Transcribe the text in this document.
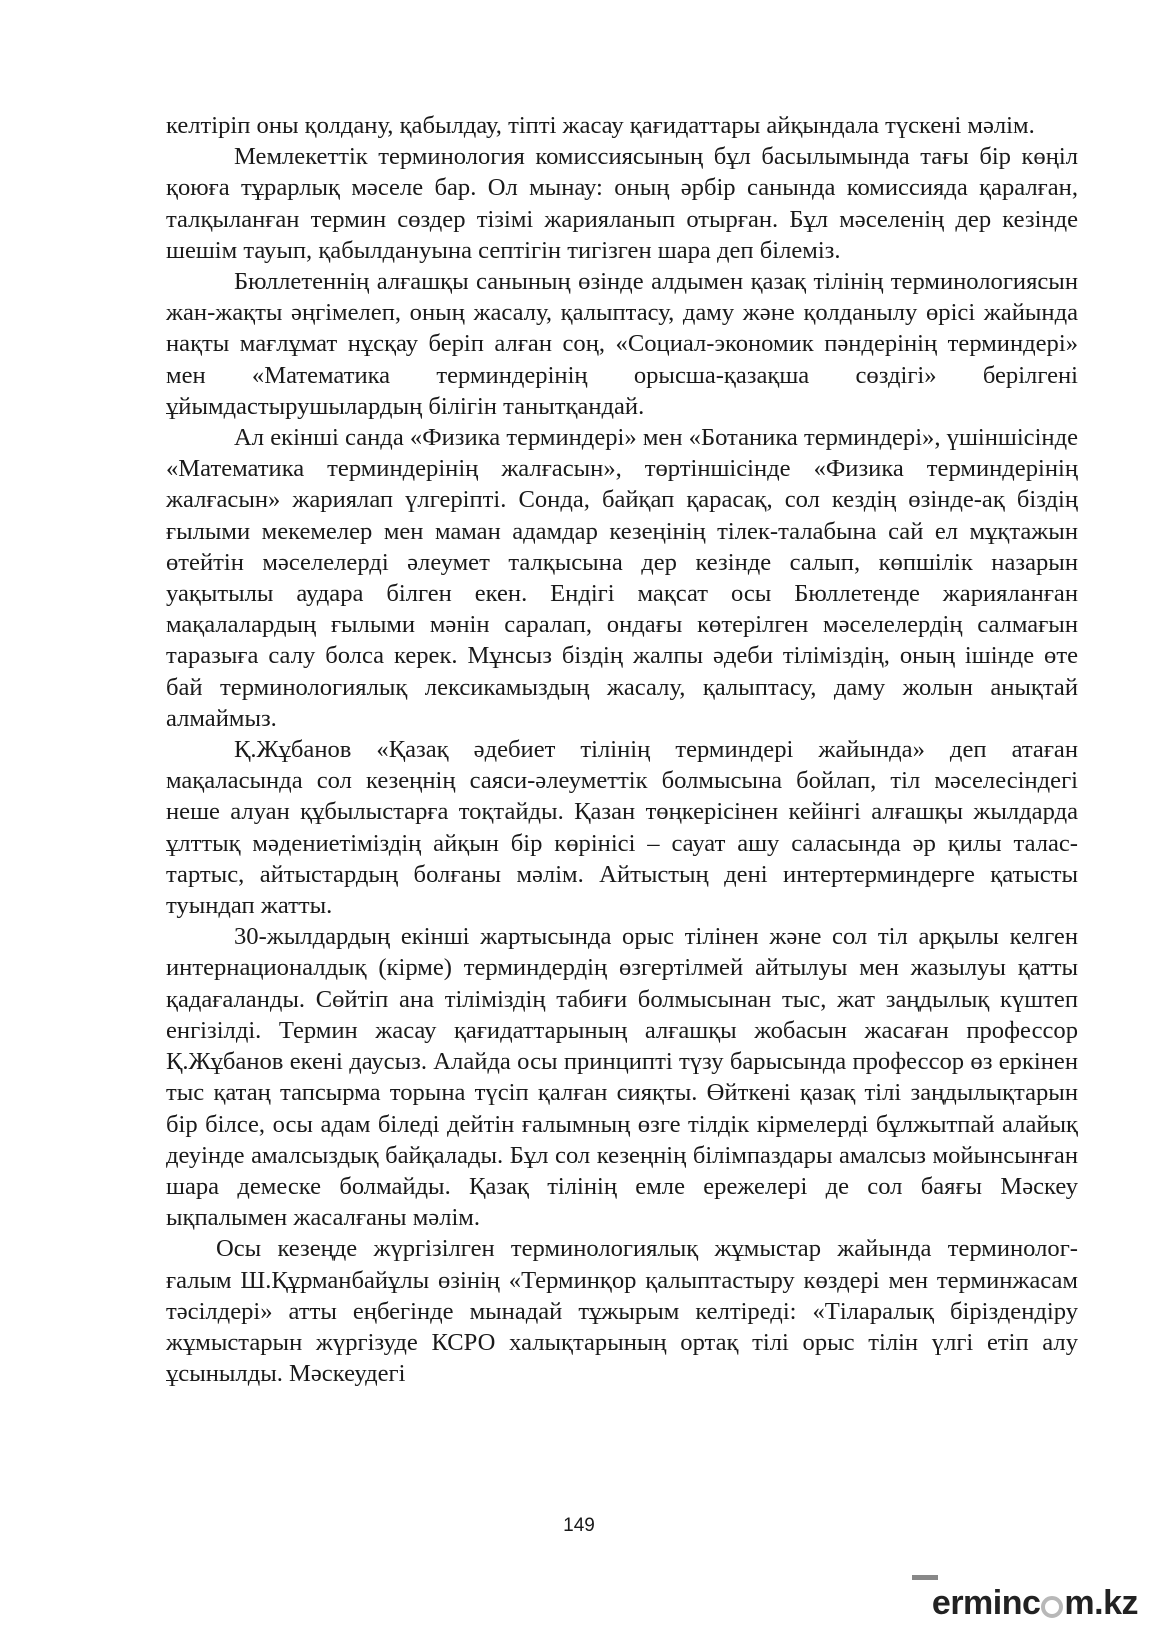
келтіріп оны қолдану, қабылдау, тіпті жасау қағидаттары айқындала түскені мәлім.

Мемлекеттік терминология комиссиясының бұл басылымында тағы бір көңіл қоюға тұрарлық мәселе бар. Ол мынау: оның әрбір санында комиссияда қаралған, талқыланған термин сөздер тізімі жарияланып отырған. Бұл мәселенің дер кезінде шешім тауып, қабылдануына септігін тигізген шара деп білеміз.

Бюллетеннің алғашқы санының өзінде алдымен қазақ тілінің терминологиясын жан-жақты әңгімелеп, оның жасалу, қалыптасу, даму және қолданылу өрісі жайында нақты мағлұмат нұсқау беріп алған соң, «Социал-экономик пәндерінің терминдері» мен «Математика терминдерінің орысша-қазақша сөздігі» берілгені ұйымдастырушылардың білігін танытқандай.

Ал екінші санда «Физика терминдері» мен «Ботаника терминдері», үшіншісінде «Математика терминдерінің жалғасын», төртіншісінде «Физика терминдерінің жалғасын» жариялап үлгеріпті. Сонда, байқап қарасақ, сол кездің өзінде-ақ біздің ғылыми мекемелер мен маман адамдар кезеңінің тілек-талабына сай ел мұқтажын өтейтін мәселелерді әлеумет талқысына дер кезінде салып, көпшілік назарын уақытылы аудара білген екен. Ендігі мақсат осы Бюллетенде жарияланған мақалалардың ғылыми мәнін саралап, ондағы көтерілген мәселелердің салмағын таразыға салу болса керек. Мұнсыз біздің жалпы әдеби тіліміздің, оның ішінде өте бай терминологиялық лексикамыздың жасалу, қалыптасу, даму жолын анықтай алмаймыз.

Қ.Жұбанов «Қазақ әдебиет тілінің терминдері жайында» деп атаған мақаласында сол кезеңнің саяси-әлеуметтік болмысына бойлап, тіл мәселесіндегі неше алуан құбылыстарға тоқтайды. Қазан төңкерісінен кейінгі алғашқы жылдарда ұлттық мәдениетіміздің айқын бір көрінісі – сауат ашу саласында әр қилы талас-тартыс, айтыстардың болғаны мәлім. Айтыстың дені интертерминдерге қатысты туындап жатты.

30-жылдардың екінші жартысында орыс тілінен және сол тіл арқылы келген интернационалдық (кірме) терминдердің өзгертілмей айтылуы мен жазылуы қатты қадағаланды. Сөйтіп ана тіліміздің табиғи болмысынан тыс, жат заңдылық күштеп енгізілді. Термин жасау қағидаттарының алғашқы жобасын жасаған профессор Қ.Жұбанов екені даусыз. Алайда осы принципті түзу барысында профессор өз еркінен тыс қатаң тапсырма торына түсіп қалған сияқты. Өйткені қазақ тілі заңдылықтарын бір білсе, осы адам біледі дейтін ғалымның өзге тілдік кірмелерді бұлжытпай алайық деуінде амалсыздық байқалады. Бұл сол кезеңнің білімпаздары амалсыз мойынсынған шара демеске болмайды. Қазақ тілінің емле ережелері де сол баяғы Мәскеу ықпалымен жасалғаны мәлім.

Осы кезеңде жүргізілген терминологиялық жұмыстар жайында терминолог-ғалым Ш.Құрманбайұлы өзінің «Терминқор қалыптастыру көздері мен терминжасам тәсілдері» атты еңбегінде мынадай тұжырым келтіреді: «Тіларалық біріздендіру жұмыстарын жүргізуде КСРО халықтарының ортақ тілі орыс тілін үлгі етіп алу ұсынылды. Мәскеудегі

149
erminc m.kz
